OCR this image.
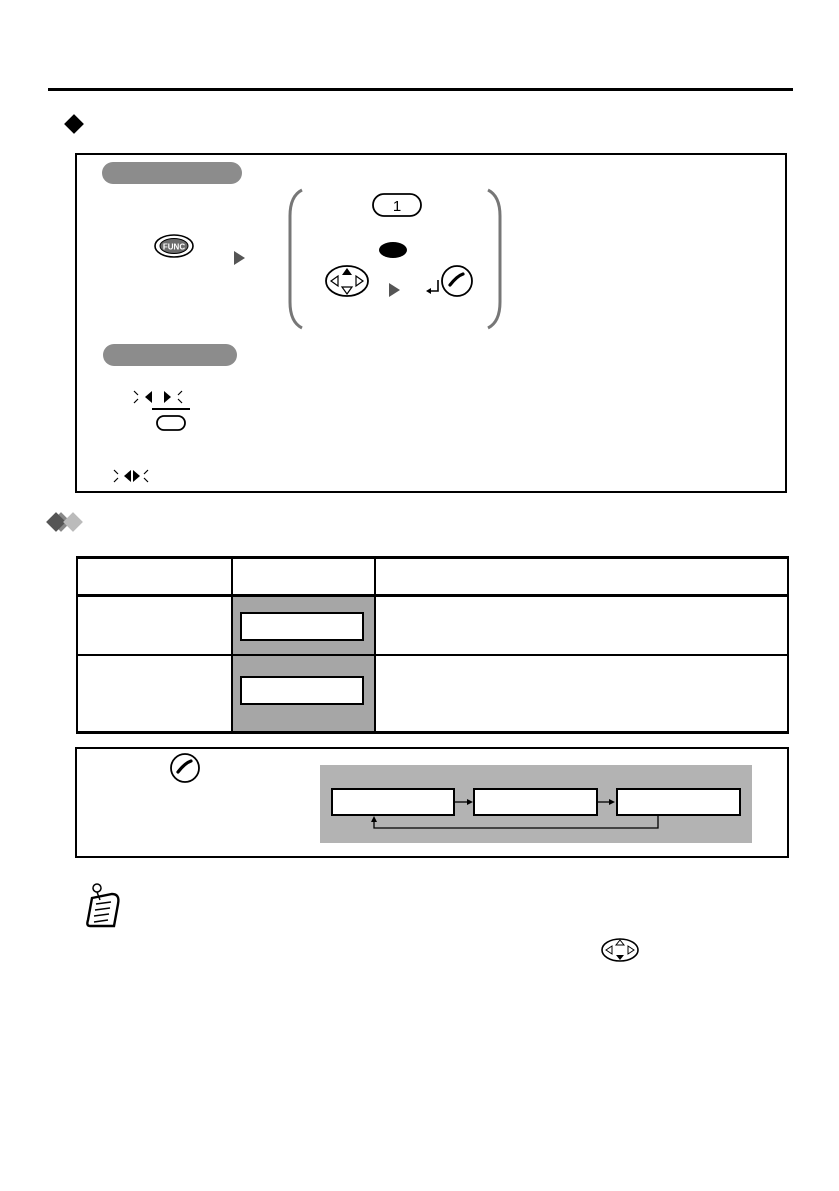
FUNC
1
